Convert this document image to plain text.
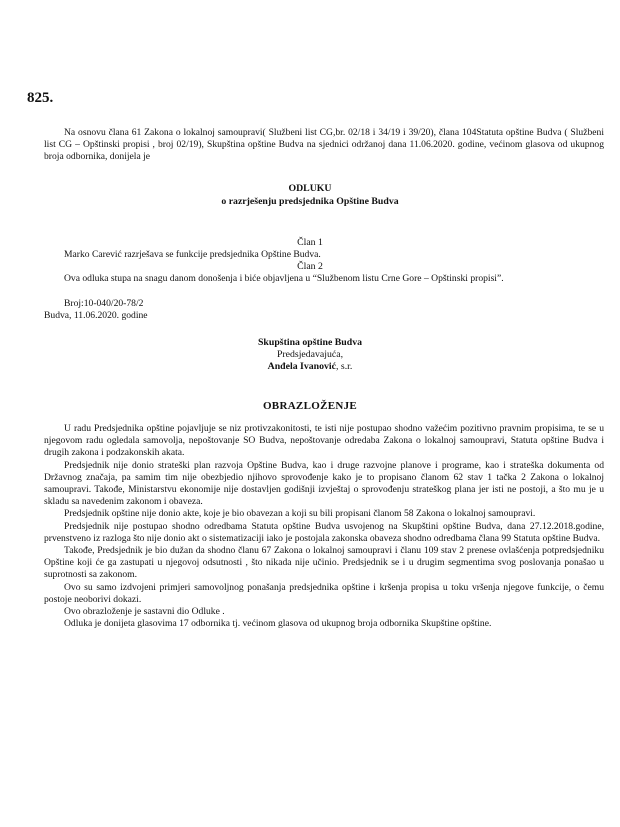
825.
Na osnovu člana 61 Zakona o lokalnoj samoupravi( Službeni list CG,br. 02/18 i 34/19 i 39/20), člana 104Statuta opštine Budva ( Službeni list CG – Opštinski propisi , broj 02/19), Skupština opštine Budva na sjednici održanoj dana 11.06.2020. godine, većinom glasova od ukupnog broja odbornika, donijela je
ODLUKU
o razrješenju predsjednika Opštine Budva
Član 1
Marko Carević razrješava se funkcije predsjednika Opštine Budva.
Član 2
Ova odluka stupa na snagu danom donošenja i biće objavljena u “Službenom listu Crne Gore – Opštinski propisi”.
Broj:10-040/20-78/2
Budva, 11.06.2020. godine
Skupština opštine Budva
Predsjedavajuća,
Anđela Ivanović, s.r.
OBRAZLOŽENJE

U radu Predsjednika opštine pojavljuje se niz protivzakonitosti, te isti nije postupao shodno važećim pozitivno pravnim propisima, te se u njegovom radu ogledala samovolja, nepoštovanje SO Budva, nepoštovanje odredaba Zakona o lokalnoj samoupravi, Statuta opštine Budva i drugih zakona i podzakonskih akata.

Predsjednik nije donio strateški plan razvoja Opštine Budva, kao i druge razvojne planove i programe, kao i strateška dokumenta od Državnog značaja, pa samim tim nije obezbjedio njihovo sprovođenje kako je to propisano članom 62 stav 1 tačka 2 Zakona o lokalnoj samoupravi. Takođe, Ministarstvu ekonomije nije dostavljen godišnji izvještaj o sprovođenju strateškog plana jer isti ne postoji, a što mu je u skladu sa navedenim zakonom i obaveza.

Predsjednik opštine nije donio akte, koje je bio obavezan a koji su bili propisani članom 58 Zakona o lokalnoj samoupravi.

Predsjednik nije postupao shodno odredbama Statuta opštine Budva usvojenog na Skupštini opštine Budva, dana 27.12.2018.godine, prvenstveno iz razloga što nije donio akt o sistematizaciji iako je postojala zakonska obaveza shodno odredbama člana 99 Statuta opštine Budva.

Takođe, Predsjednik je bio dužan da shodno članu 67 Zakona o lokalnoj samoupravi i članu 109 stav 2 prenese ovlašćenja potpredsjedniku Opštine koji će ga zastupati u njegovoj odsutnosti , što nikada nije učinio. Predsjednik se i u drugim segmentima svog poslovanja ponašao u suprotnosti sa zakonom.

Ovo su samo izdvojeni primjeri samovoljnog ponašanja predsjednika opštine i kršenja propisa u toku vršenja njegove funkcije, o čemu postoje neoborivi dokazi.

Ovo obrazloženje je sastavni dio Odluke .

Odluka je donijeta glasovima 17 odbornika tj. većinom glasova od ukupnog broja odbornika Skupštine opštine.
